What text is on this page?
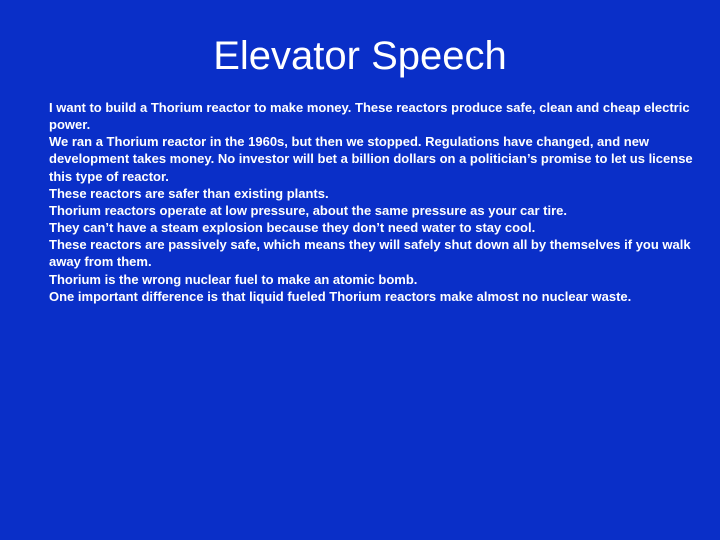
Elevator Speech

I want to build a Thorium reactor to make money. These reactors produce safe, clean and cheap electric power.

We ran a Thorium reactor in the 1960s, but then we stopped. Regulations have changed, and new development takes money. No investor will bet a billion dollars on a politician’s promise to let us license this type of reactor.

These reactors are safer than existing plants.

Thorium reactors operate at low pressure, about the same pressure as your car tire.

They can’t have a steam explosion because they don’t need water to stay cool.

These reactors are passively safe, which means they will safely shut down all by themselves if you walk away from them.

Thorium is the wrong nuclear fuel to make an atomic bomb.

One important difference is that liquid fueled Thorium reactors make almost no nuclear waste.
